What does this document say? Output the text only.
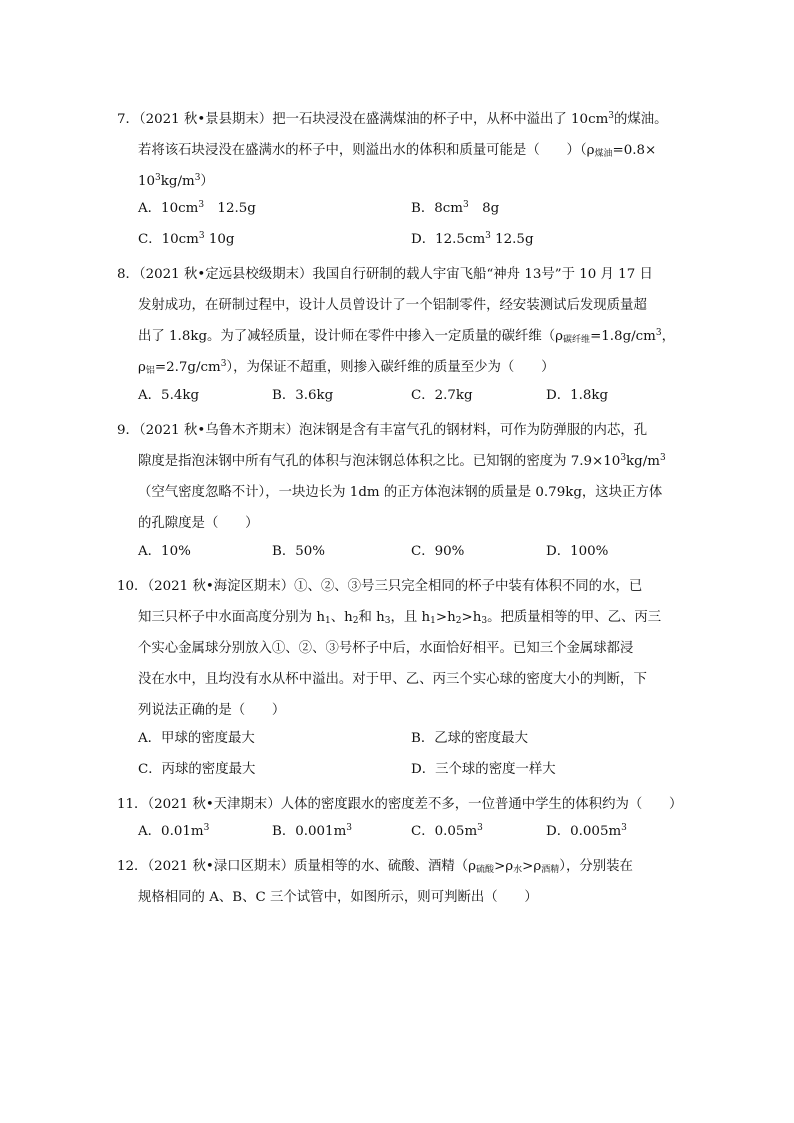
7．（2021 秋•景县期末）把一石块浸没在盛满煤油的杯子中，从杯中溢出了 $10cm^3$的煤油。
若将该石块浸没在盛满水的杯子中，则溢出水的体积和质量可能是（　　）（$\rho_{煤油}=0.8\times$
$10^3kg/m^3$）
A．$10cm^3$　12.5g	B．$8cm^3$　8g
C．$10cm^3$ 10g	D．$12.5cm^3$ 12.5g
8．（2021 秋•定远县校级期末）我国自行研制的载人宇宙飞船“神舟 13号”于 10 月 17 日
发射成功，在研制过程中，设计人员曾设计了一个铝制零件，经安装测试后发现质量超
出了 1.8kg。为了减轻质量，设计师在零件中掺入一定质量的碳纤维（$\rho_{碳纤维}=1.8g/cm^3$，
$\rho_铝=2.7g/cm^3$），为保证不超重，则掺入碳纤维的质量至少为（　　）
A．5.4kg	B．3.6kg	C．2.7kg	D．1.8kg
9．（2021 秋•乌鲁木齐期末）泡沫钢是含有丰富气孔的钢材料，可作为防弹服的内芯，孔
隙度是指泡沫钢中所有气孔的体积与泡沫钢总体积之比。已知钢的密度为 $7.9\times 10^3kg/m^3$
（空气密度忽略不计），一块边长为 1dm 的正方体泡沫钢的质量是 0.79kg，这块正方体
的孔隙度是（　　）
A．10%	B．50%	C．90%	D．100%
10．（2021 秋•海淀区期末）①、②、③号三只完全相同的杯子中装有体积不同的水，已
知三只杯子中水面高度分别为 $h_1$、$h_2$和 $h_3$，且 $h_1>h_2>h_3$。把质量相等的甲、乙、丙三
个实心金属球分别放入①、②、③号杯子中后，水面恰好相平。已知三个金属球都浸
没在水中，且均没有水从杯中溢出。对于甲、乙、丙三个实心球的密度大小的判断，下
列说法正确的是（　　）
A．甲球的密度最大	B．乙球的密度最大
C．丙球的密度最大	D．三个球的密度一样大
11．（2021 秋•天津期末）人体的密度跟水的密度差不多，一位普通中学生的体积约为（　　）
A．$0.01m^3$	B．$0.001m^3$	C．$0.05m^3$	D．$0.005m^3$
12．（2021 秋•渌口区期末）质量相等的水、硫酸、酒精$(\rho_{硫酸}>\rho_水>\rho_{酒精})$，分别装在
规格相同的 A、B、C 三个试管中，如图所示，则可判断出（　　）
